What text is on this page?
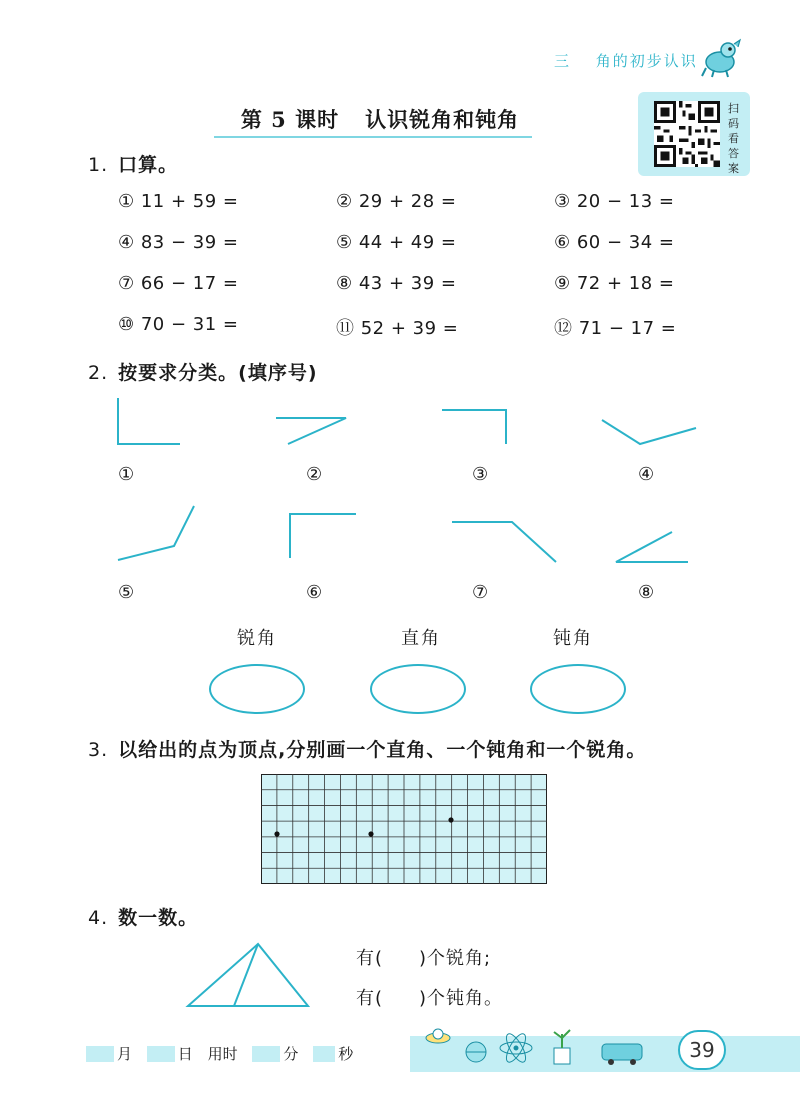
三 角的初步认识
第 5 课时 认识锐角和钝角	扫
码
看
答
案
1. 口算。
① 11 + 59 =	② 29 + 28 =	③ 20 − 13 =
④ 83 − 39 =	⑤ 44 + 49 =	⑥ 60 − 34 =
⑦ 66 − 17 =	⑧ 43 + 39 =	⑨ 72 + 18 =
⑩ 70 − 31 =	⑪ 52 + 39 =	⑫ 71 − 17 =
2. 按要求分类。(填序号)
①	②	③	④
⑤	⑥	⑦	⑧
锐角	直角	钝角
3. 以给出的点为顶点,分别画一个直角、一个钝角和一个锐角。
4. 数一数。
有( )个锐角;
有( )个钝角。
39
月	日 用时	分	秒
